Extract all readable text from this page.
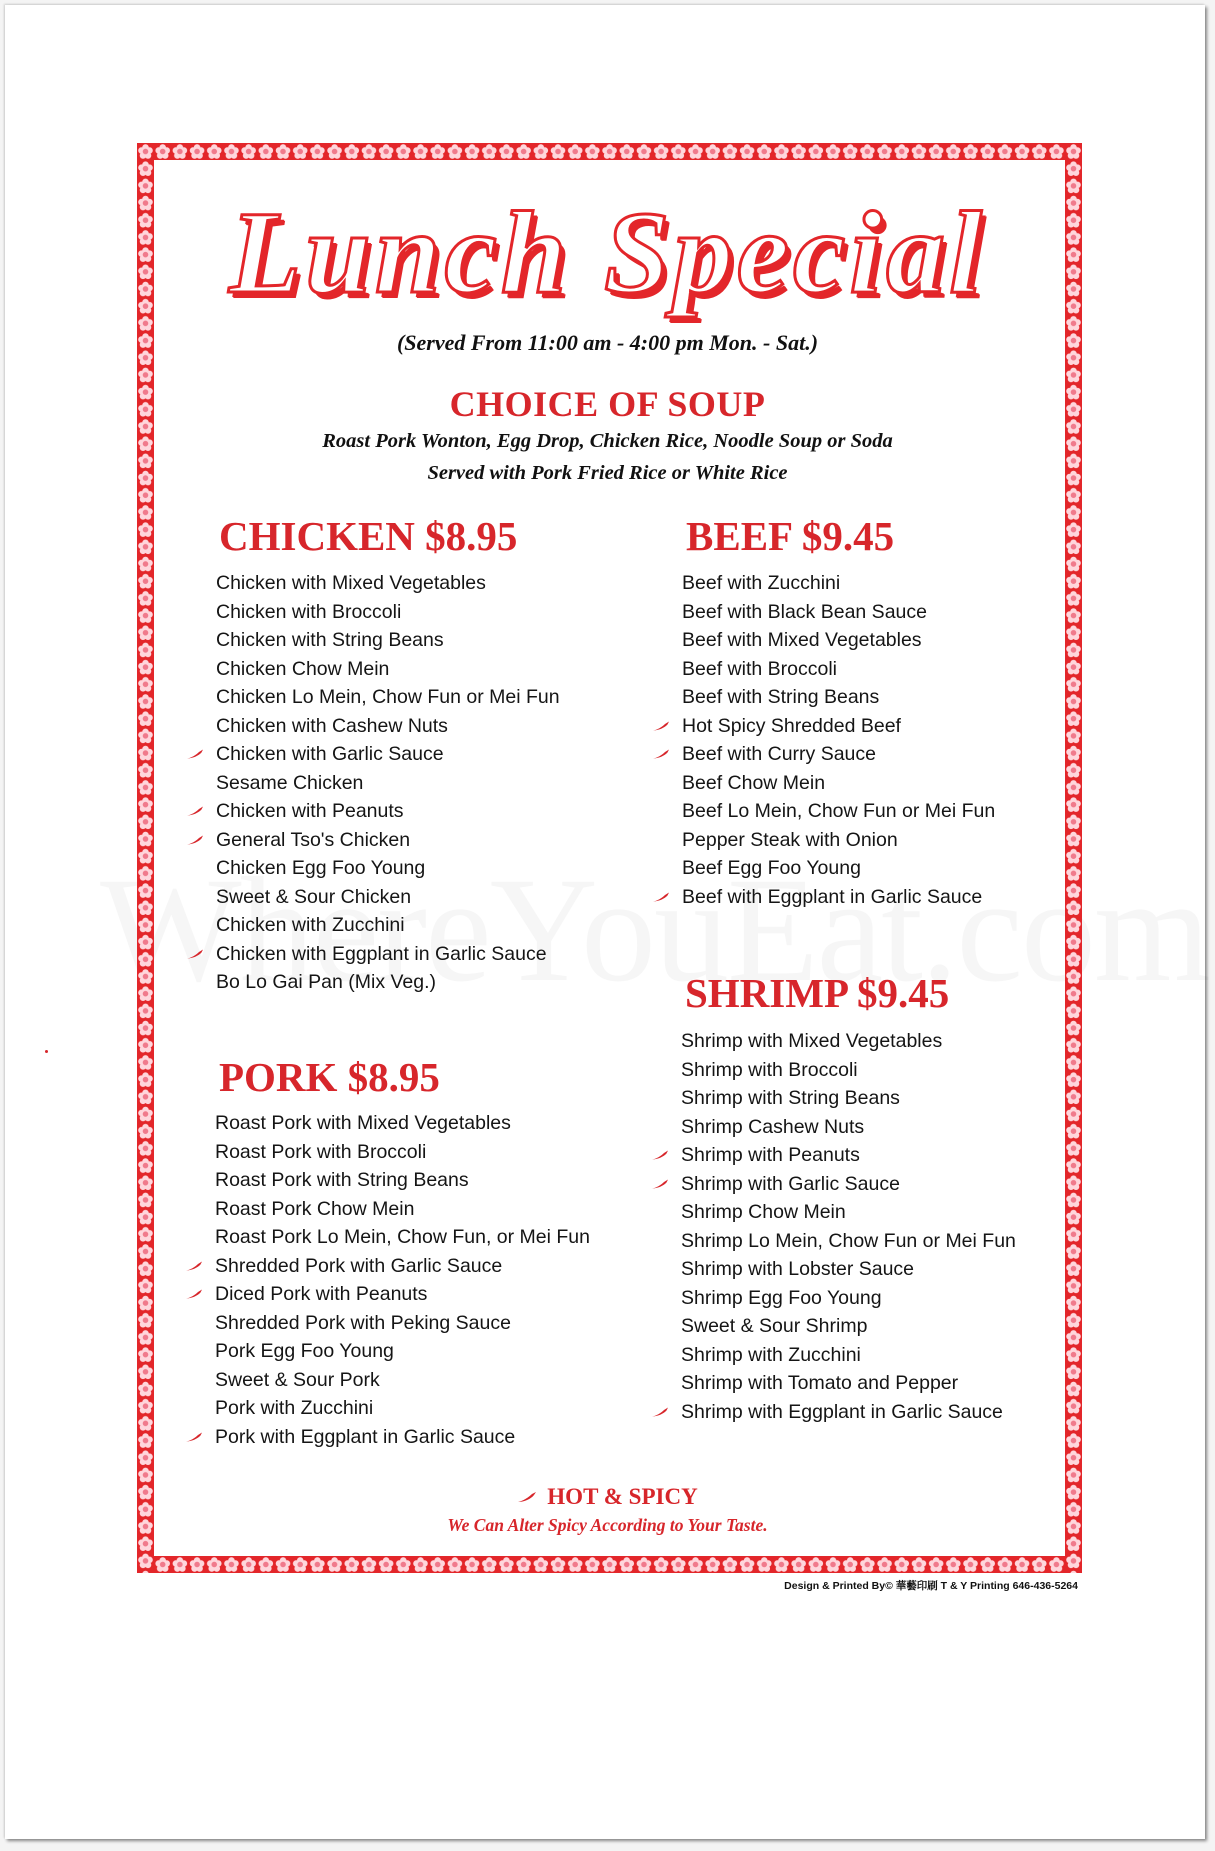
Lunch Special
(Served From 11:00 am - 4:00 pm Mon. - Sat.)
CHOICE OF SOUP
Roast Pork Wonton, Egg Drop, Chicken Rice, Noodle Soup or Soda
Served with Pork Fried Rice or White Rice
CHICKEN $8.95
Chicken with Mixed Vegetables
Chicken with Broccoli
Chicken with String Beans
Chicken Chow Mein
Chicken Lo Mein, Chow Fun or Mei Fun
Chicken with Cashew Nuts
Chicken with Garlic Sauce
Sesame Chicken
Chicken with Peanuts
General Tso's Chicken
Chicken Egg Foo Young
Sweet & Sour Chicken
Chicken with Zucchini
Chicken with Eggplant in Garlic Sauce
Bo Lo Gai Pan (Mix Veg.)
PORK $8.95
Roast Pork with Mixed Vegetables
Roast Pork with Broccoli
Roast Pork with String Beans
Roast Pork Chow Mein
Roast Pork Lo Mein, Chow Fun, or Mei Fun
Shredded Pork with Garlic Sauce
Diced Pork with Peanuts
Shredded Pork with Peking Sauce
Pork Egg Foo Young
Sweet & Sour Pork
Pork with Zucchini
Pork with Eggplant in Garlic Sauce
BEEF $9.45
Beef with Zucchini
Beef with Black Bean Sauce
Beef with Mixed Vegetables
Beef with Broccoli
Beef with String Beans
Hot Spicy Shredded Beef
Beef with Curry Sauce
Beef Chow Mein
Beef Lo Mein, Chow Fun or Mei Fun
Pepper Steak with Onion
Beef Egg Foo Young
Beef with Eggplant in Garlic Sauce
SHRIMP $9.45
Shrimp with Mixed Vegetables
Shrimp with Broccoli
Shrimp with String Beans
Shrimp Cashew Nuts
Shrimp with Peanuts
Shrimp with Garlic Sauce
Shrimp Chow Mein
Shrimp Lo Mein, Chow Fun or Mei Fun
Shrimp with Lobster Sauce
Shrimp Egg Foo Young
Sweet & Sour Shrimp
Shrimp with Zucchini
Shrimp with Tomato and Pepper
Shrimp with Eggplant in Garlic Sauce
HOT & SPICY
We Can Alter Spicy According to Your Taste.
Design & Printed By© 華藝印刷 T & Y Printing 646-436-5264
